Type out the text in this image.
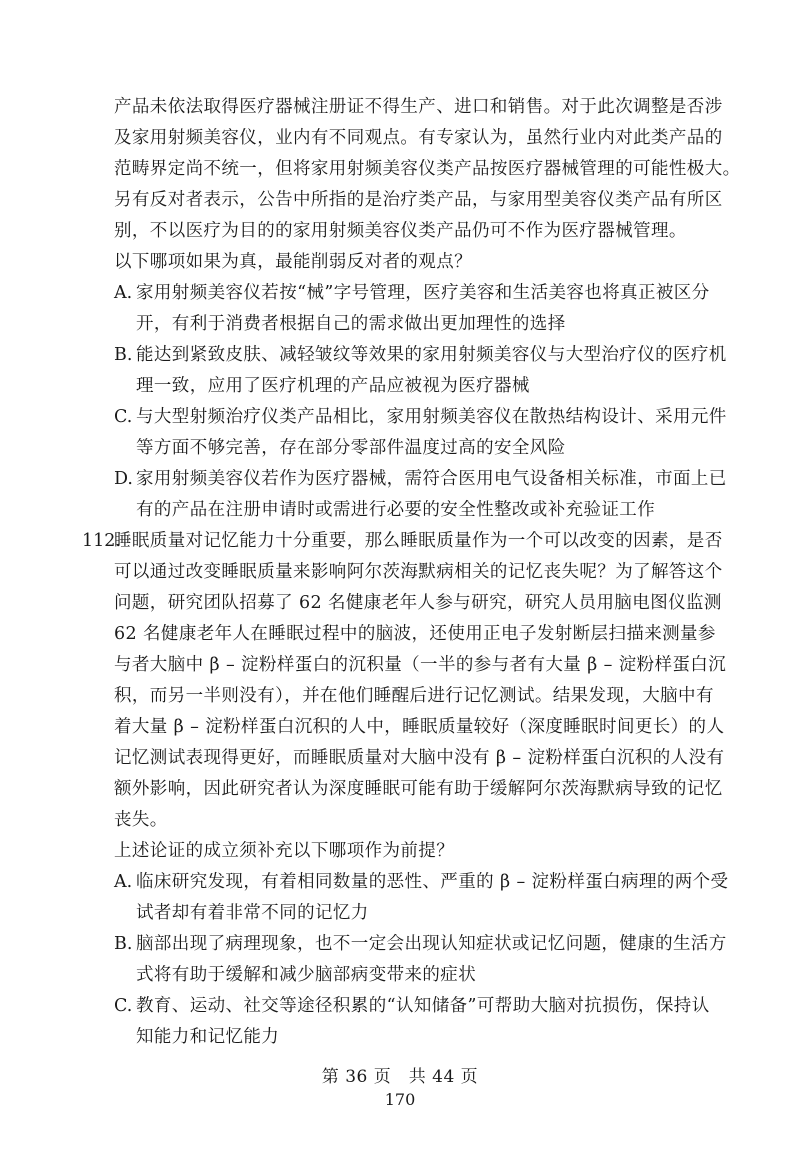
产品未依法取得医疗器械注册证不得生产、进口和销售。对于此次调整是否涉
及家用射频美容仪，业内有不同观点。有专家认为，虽然行业内对此类产品的
范畴界定尚不统一，但将家用射频美容仪类产品按医疗器械管理的可能性极大。
另有反对者表示，公告中所指的是治疗类产品，与家用型美容仪类产品有所区
别，不以医疗为目的的家用射频美容仪类产品仍可不作为医疗器械管理。
以下哪项如果为真，最能削弱反对者的观点？
A. 家用射频美容仪若按“械”字号管理，医疗美容和生活美容也将真正被区分
开，有利于消费者根据自己的需求做出更加理性的选择
B. 能达到紧致皮肤、减轻皱纹等效果的家用射频美容仪与大型治疗仪的医疗机
理一致，应用了医疗机理的产品应被视为医疗器械
C. 与大型射频治疗仪类产品相比，家用射频美容仪在散热结构设计、采用元件
等方面不够完善，存在部分零部件温度过高的安全风险
D. 家用射频美容仪若作为医疗器械，需符合医用电气设备相关标准，市面上已
有的产品在注册申请时或需进行必要的安全性整改或补充验证工作
112.
睡眠质量对记忆能力十分重要，那么睡眠质量作为一个可以改变的因素，是否
可以通过改变睡眠质量来影响阿尔茨海默病相关的记忆丧失呢？为了解答这个
问题，研究团队招募了 62 名健康老年人参与研究，研究人员用脑电图仪监测
62 名健康老年人在睡眠过程中的脑波，还使用正电子发射断层扫描来测量参
与者大脑中 β – 淀粉样蛋白的沉积量（一半的参与者有大量 β – 淀粉样蛋白沉
积，而另一半则没有），并在他们睡醒后进行记忆测试。结果发现，大脑中有
着大量 β – 淀粉样蛋白沉积的人中，睡眠质量较好（深度睡眠时间更长）的人
记忆测试表现得更好，而睡眠质量对大脑中没有 β – 淀粉样蛋白沉积的人没有
额外影响，因此研究者认为深度睡眠可能有助于缓解阿尔茨海默病导致的记忆
丧失。
上述论证的成立须补充以下哪项作为前提？
A. 临床研究发现，有着相同数量的恶性、严重的 β – 淀粉样蛋白病理的两个受
试者却有着非常不同的记忆力
B. 脑部出现了病理现象，也不一定会出现认知症状或记忆问题，健康的生活方
式将有助于缓解和减少脑部病变带来的症状
C. 教育、运动、社交等途径积累的“认知储备”可帮助大脑对抗损伤，保持认
知能力和记忆能力
第 36 页　共 44 页
170
